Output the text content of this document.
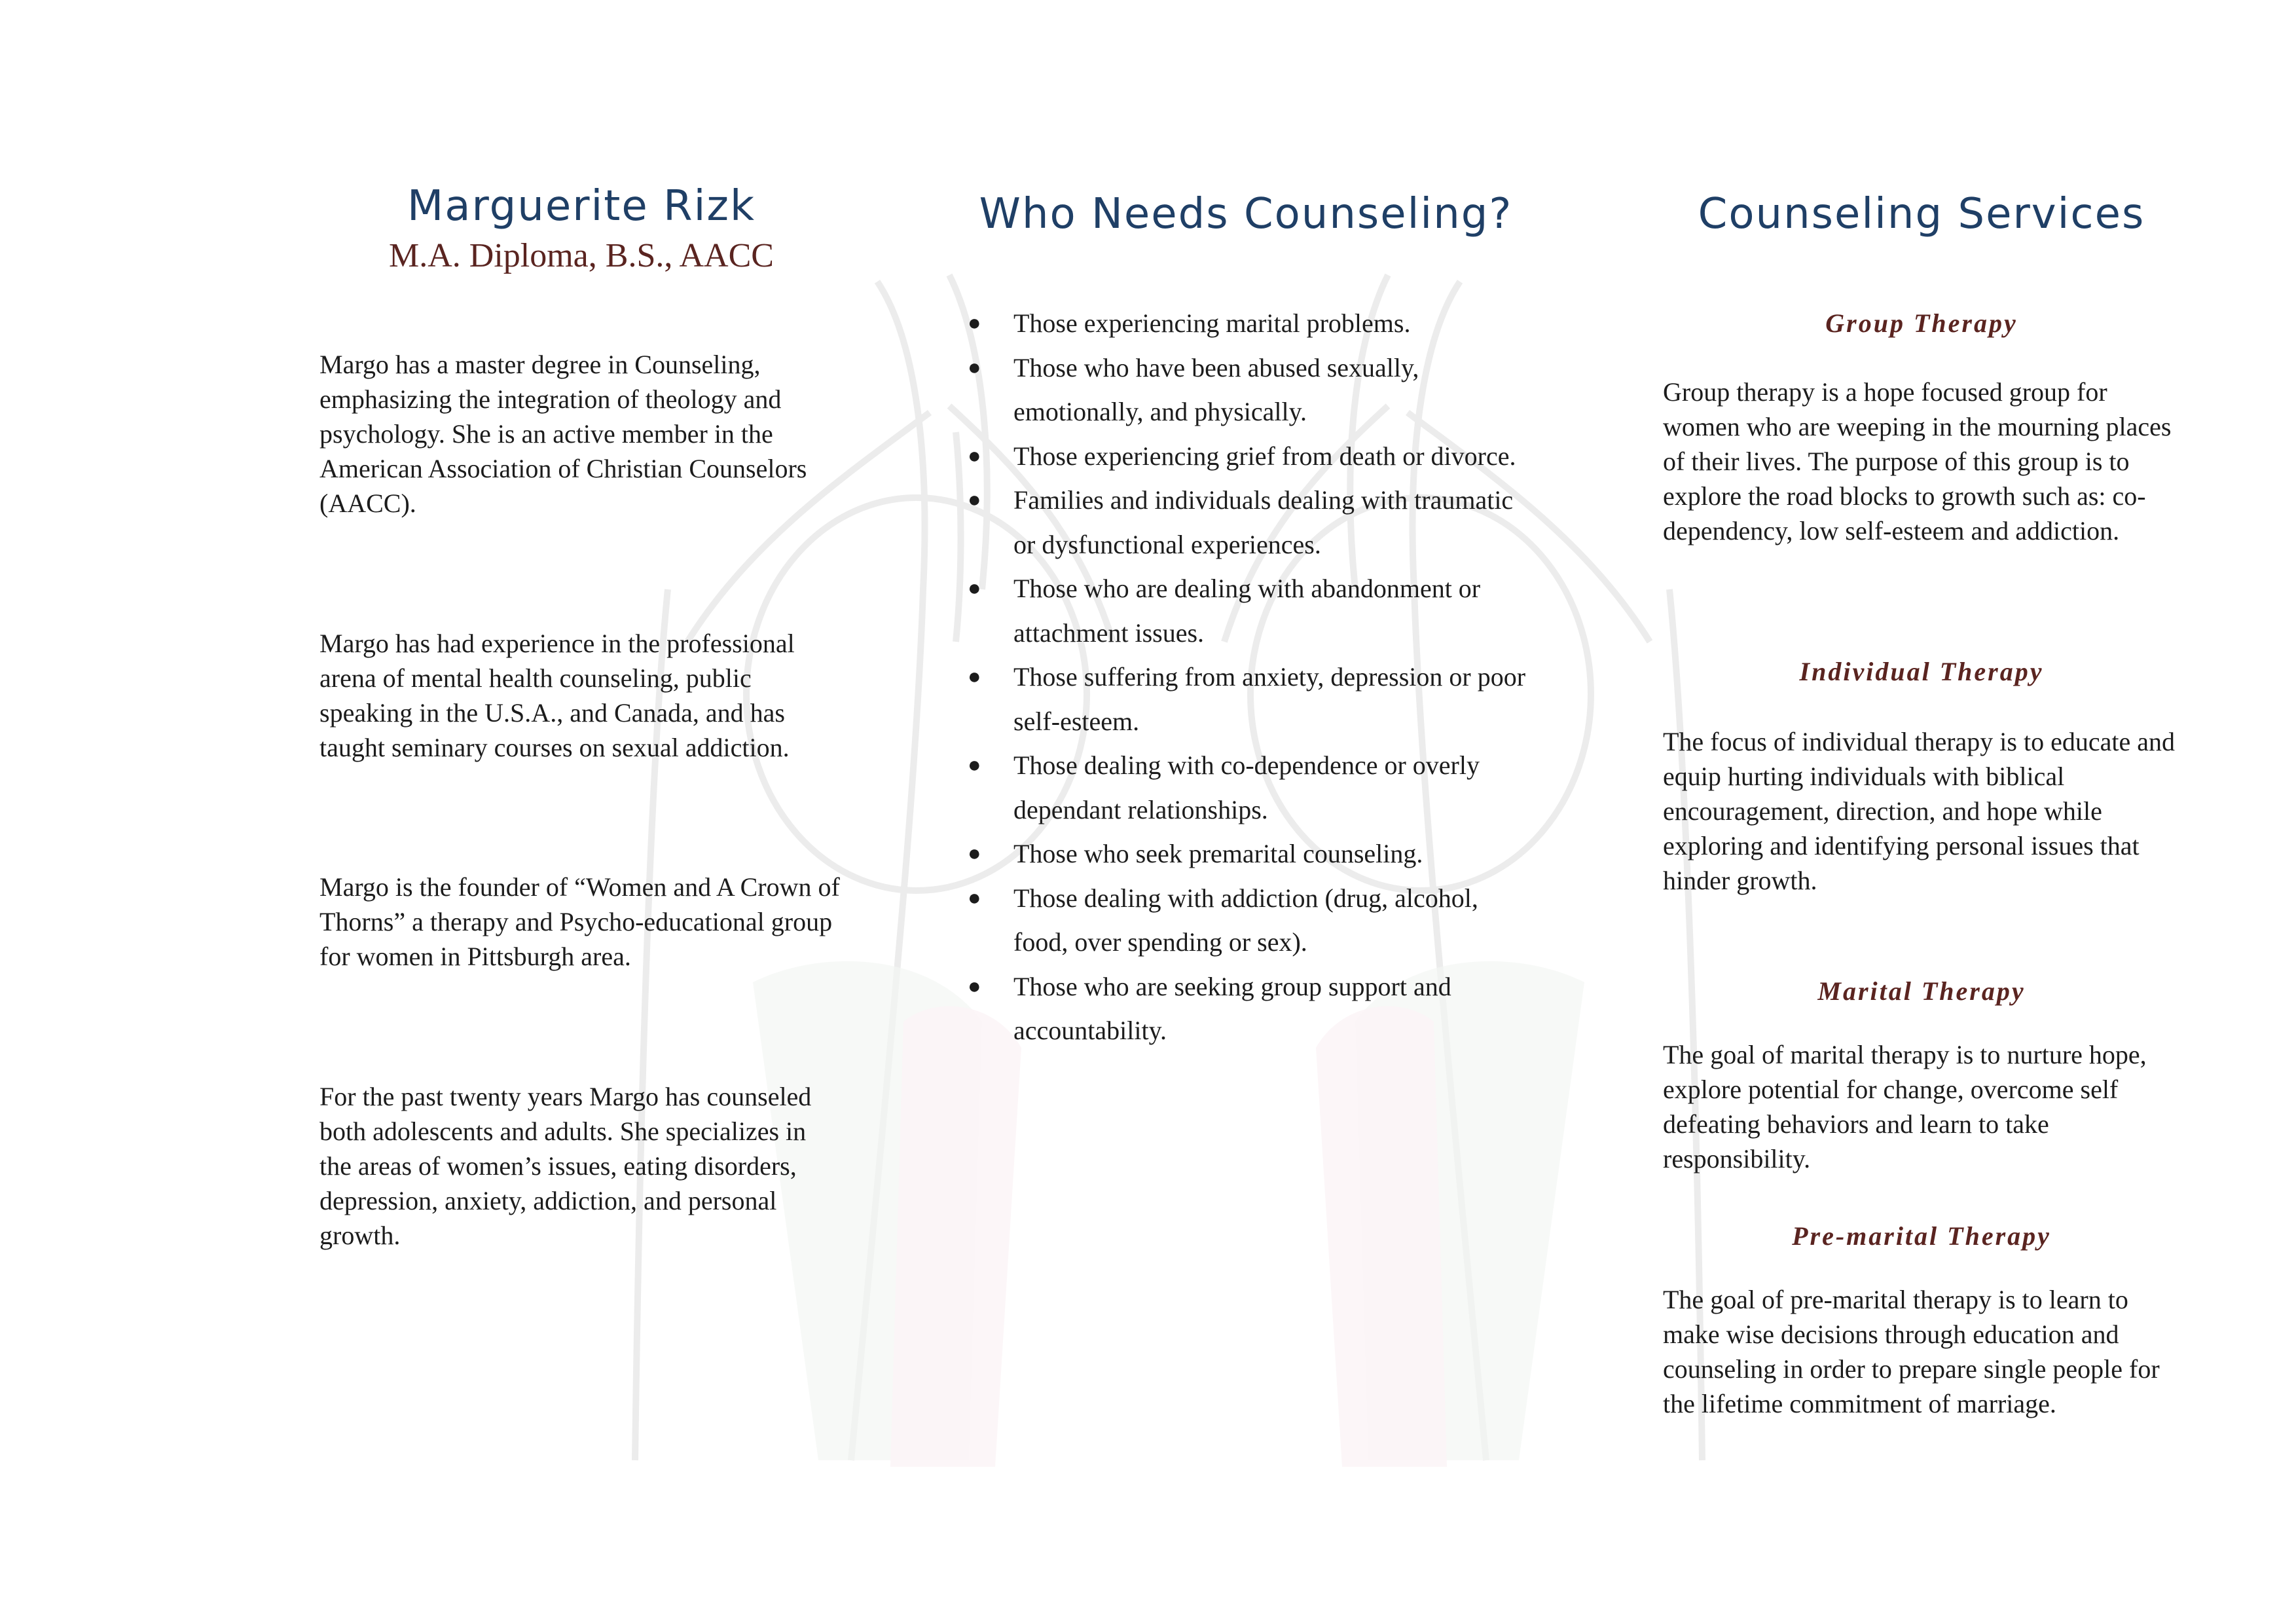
Marguerite Rizk

M.A. Diploma, B.S., AACC

Margo has a master degree in Counseling, emphasizing the integration of theology and psychology. She is an active member in the American Association of Christian Counselors (AACC).

Margo has had experience in the professional arena of mental health counseling, public speaking in the U.S.A., and Canada, and has taught seminary courses on sexual addiction.

Margo is the founder of “Women and A Crown of Thorns” a therapy and Psycho-educational group for women in Pittsburgh area.

For the past twenty years Margo has counseled both adolescents and adults. She specializes in the areas of women’s issues, eating disorders, depression, anxiety, addiction, and personal growth.

Who Needs Counseling?
● Those experiencing marital problems.
● Those who have been abused sexually, emotionally, and physically.
● Those experiencing grief from death or divorce.
● Families and individuals dealing with traumatic or dysfunctional experiences.
● Those who are dealing with abandonment or attachment issues.
● Those suffering from anxiety, depression or poor self-esteem.
● Those dealing with co-dependence or overly dependant relationships.
● Those who seek premarital counseling.
● Those dealing with addiction (drug, alcohol, food, over spending or sex).
● Those who are seeking group support and accountability.
Counseling Services
Group Therapy

Group therapy is a hope focused group for women who are weeping in the mourning places of their lives. The purpose of this group is to explore the road blocks to growth such as: co-dependency, low self-esteem and addiction.

Individual Therapy

The focus of individual therapy is to educate and equip hurting individuals with biblical encouragement, direction, and hope while exploring and identifying personal issues that hinder growth.

Marital Therapy

The goal of marital therapy is to nurture hope, explore potential for change, overcome self defeating behaviors and learn to take responsibility.

Pre-marital Therapy

The goal of pre-marital therapy is to learn to make wise decisions through education and counseling in order to prepare single people for the lifetime commitment of marriage.
